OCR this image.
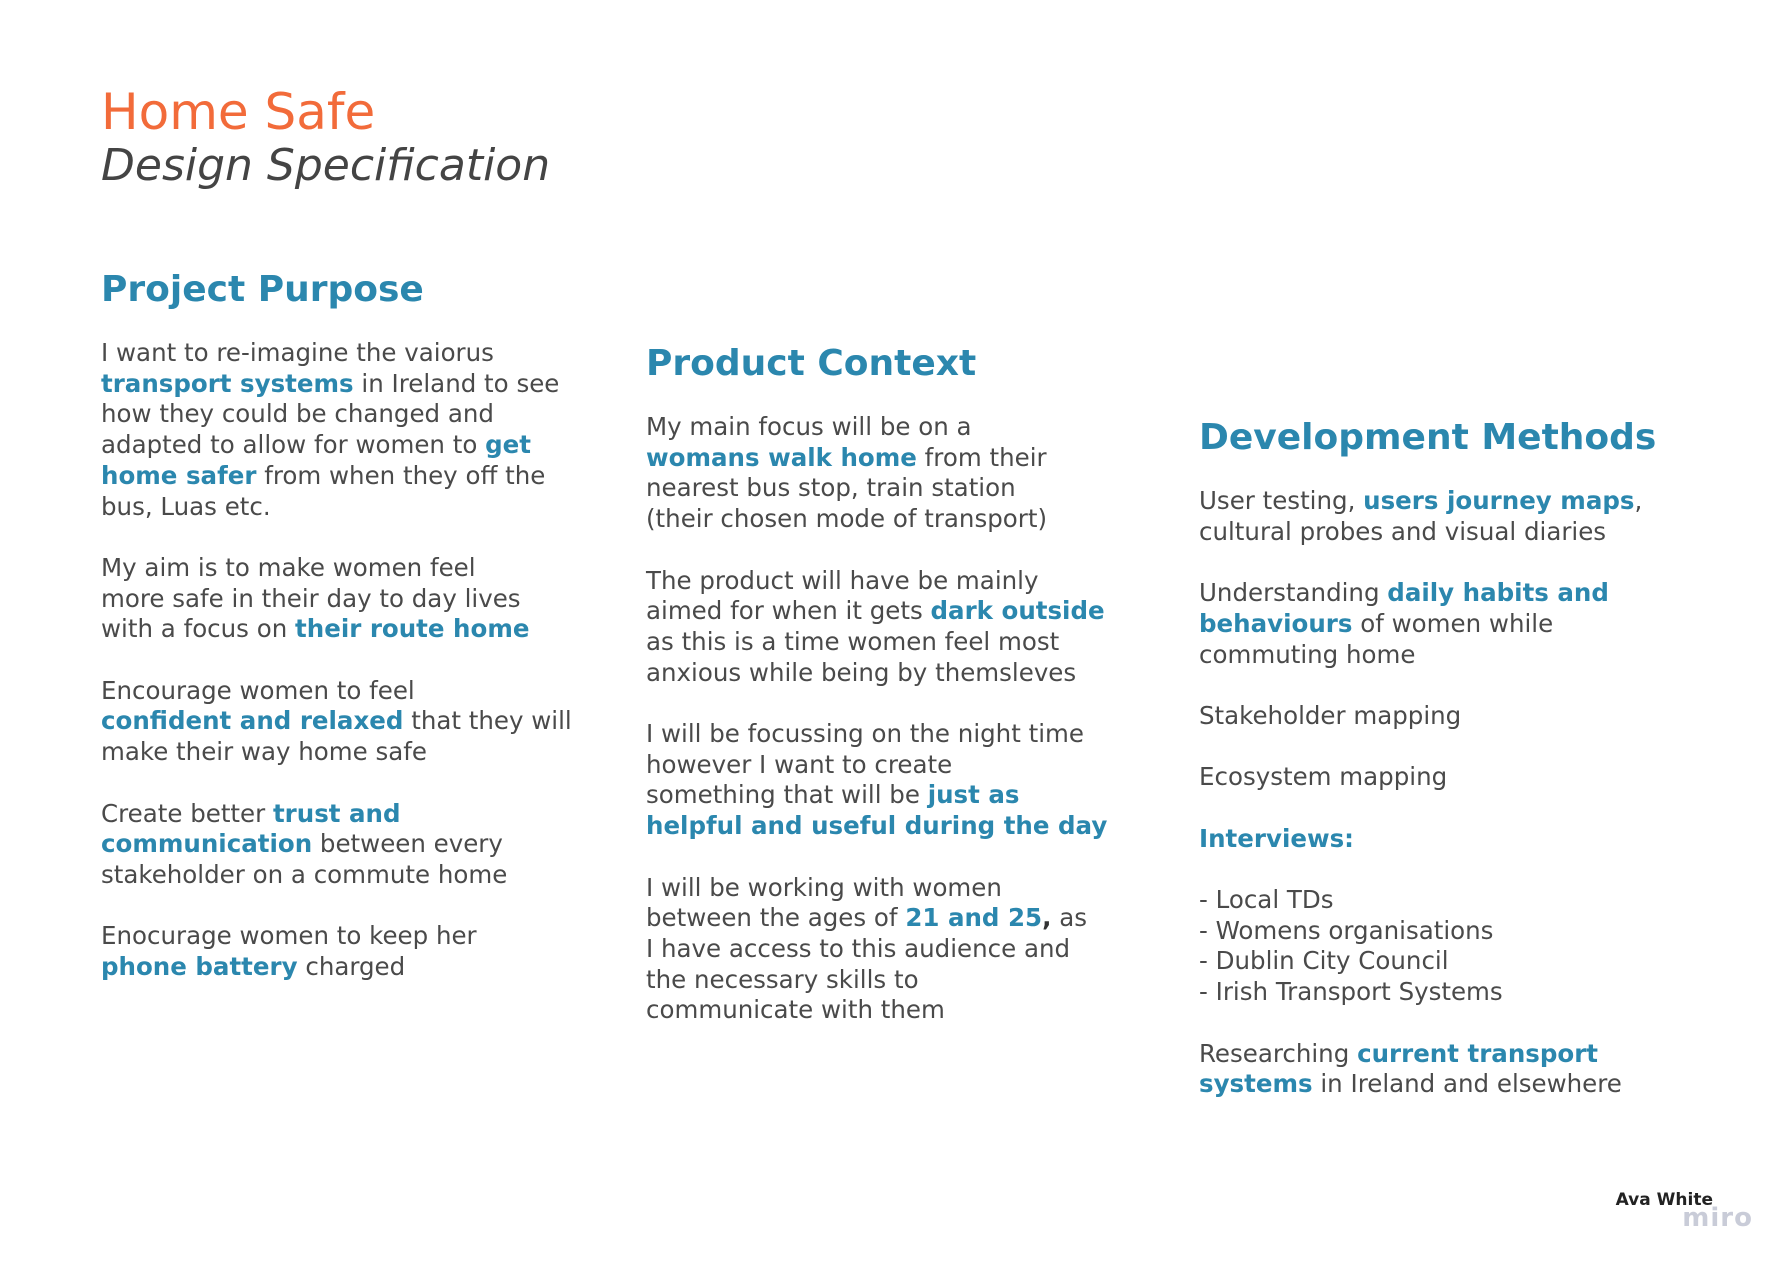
Home Safe
Design Specification
Project Purpose

I want to re-imagine the vaiorus
transport systems in Ireland to see
how they could be changed and
adapted to allow for women to get
home safer from when they off the
bus, Luas etc.

My aim is to make women feel
more safe in their day to day lives
with a focus on their route home

Encourage women to feel
confident and relaxed that they will
make their way home safe

Create better trust and
communication between every
stakeholder on a commute home

Enocurage women to keep her
phone battery charged

Product Context

My main focus will be on a
womans walk home from their
nearest bus stop, train station
(their chosen mode of transport)

The product will have be mainly
aimed for when it gets dark outside
as this is a time women feel most
anxious while being by themsleves

I will be focussing on the night time
however I want to create
something that will be just as
helpful and useful during the day

I will be working with women
between the ages of 21 and 25, as
I have access to this audience and
the necessary skills to
communicate with them

Development Methods

User testing, users journey maps,
cultural probes and visual diaries

Understanding daily habits and
behaviours of women while
commuting home

Stakeholder mapping

Ecosystem mapping

Interviews:

- Local TDs
- Womens organisations
- Dublin City Council
- Irish Transport Systems

Researching current transport
systems in Ireland and elsewhere

Ava White
miro
